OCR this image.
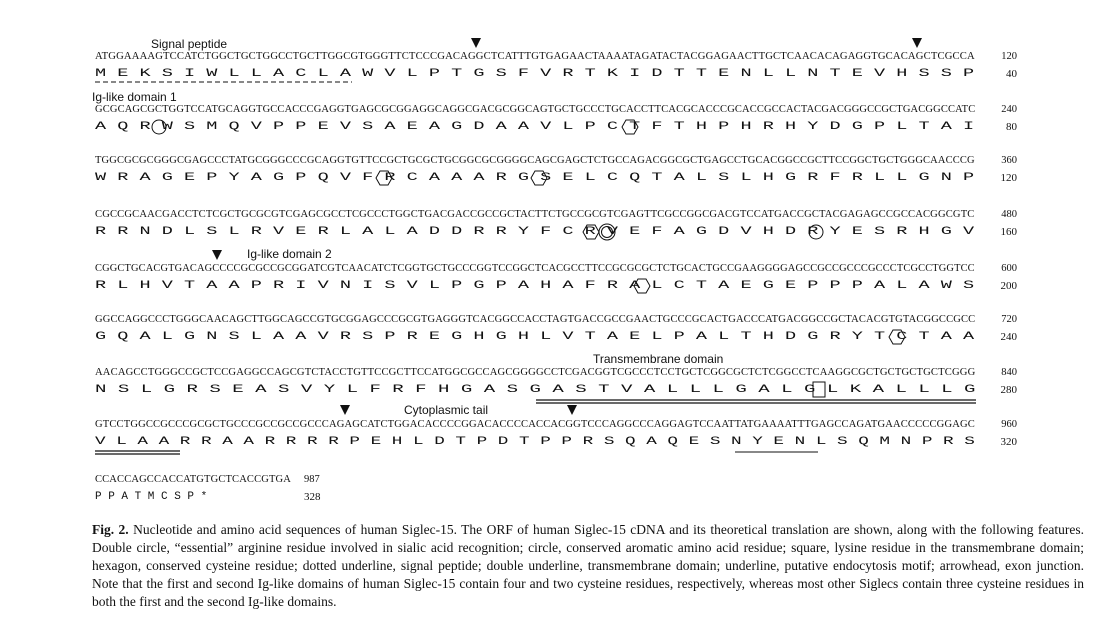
Signal peptide
Ig-like domain 1
Ig-like domain 2
Transmembrane domain
Cytoplasmic tail
ATGGAAAAGTCCATCTGGCTGCTGGCCTGCTTGGCGTGGGTTCTCCCGACAGGCTCATTTGTGAGAACTAAAATAGATACTACGGAGAACTTGCTCAACACAGAGGTGCACAGCTCGCCA	120
M E K S I W L L A C L A W V L P T G S F V R T K I D T T E N L L N T E V H S S P	40
GCGCAGCGCTGGTCCATGCAGGTGCCACCCGAGGTGAGCGCGGAGGCAGGCGACGCGGCAGTGCTGCCCTGCACCTTCACGCACCCGCACCGCCACTACGACGGGCCGCTGACGGCCATC	240
A Q R W S M Q V P P E V S A E A G D A A V L P C T F T H P H R H Y D G P L T A I	80
TGGCGCGCGGGCGAGCCCTATGCGGGCCCGCAGGTGTTCCGCTGCGCTGCGGCGCGGGGCAGCGAGCTCTGCCAGACGGCGCTGAGCCTGCACGGCCGCTTCCGGCTGCTGGGCAACCCG	360
W R A G E P Y A G P Q V F R C A A A R G S E L C Q T A L S L H G R F R L L G N P	120
CGCCGCAACGACCTCTCGCTGCGCGTCGAGCGCCTCGCCCTGGCTGACGACCGCCGCTACTTCTGCCGCGTCGAGTTCGCCGGCGACGTCCATGACCGCTACGAGAGCCGCCACGGCGTC	480
R R N D L S L R V E R L A L A D D R R Y F C R V E F A G D V H D R Y E S R H G V	160
CGGCTGCACGTGACAGCCCCGCGCCGCGGATCGTCAACATCTCGGTGCTGCCCGGTCCGGCTCACGCCTTCCGCGCGCTCTGCACTGCCGAAGGGGAGCCGCCGCCCGCCCTCGCCTGGTCC	600
R L H V T A A P R I V N I S V L P G P A H A F R A L C T A E G E P P P A L A W S	200
GGCCAGGCCCTGGGCAACAGCTTGGCAGCCGTGCGGAGCCCGCGTGAGGGTCACGGCCACCTAGTGACCGCCGAACTGCCCGCACTGACCCATGACGGCCGCTACACGTGTACGGCCGCC	720
G Q A L G N S L A A V R S P R E G H G H L V T A E L P A L T H D G R Y T C T A A	240
AACAGCCTGGGCCGCTCCGAGGCCAGCGTCTACCTGTTCCGCTTCCATGGCGCCAGCGGGGCCTCGACGGTCGCCCTCCTGCTCGGCGCTCTCGGCCTCAAGGCGCTGCTGCTGCTCGGG	840
N S L G R S E A S V Y L F R F H G A S G A S T V A L L L G A L G L K A L L L G	280
GTCCTGGCCGCCCGCGCTGCCCGCCGCCGCCCAGAGCATCTGGACACCCCGGACACCCCACCACGGTCCCAGGCCCAGGAGTCCAATTATGAAAATTTGAGCCAGATGAACCCCCGGAGC	960
V L A A R R A A R R R R P E H L D T P D T P P R S Q A Q E S N Y E N L S Q M N P R S	320
CCACCAGCCACCATGTGCTCACCGTGA 987
P P A T M C S P *	328
Fig. 2. Nucleotide and amino acid sequences of human Siglec-15. The ORF of human Siglec-15 cDNA and its theoretical translation are shown, along with the following features. Double circle, “essential” arginine residue involved in sialic acid recognition; circle, conserved aromatic amino acid residue; square, lysine residue in the transmembrane domain; hexagon, conserved cysteine residue; dotted underline, signal peptide; double underline, transmembrane domain; underline, putative endocytosis motif; arrowhead, exon junction. Note that the first and second Ig-like domains of human Siglec-15 contain four and two cysteine residues, respectively, whereas most other Siglecs contain three cysteine residues in both the first and the second Ig-like domains.
